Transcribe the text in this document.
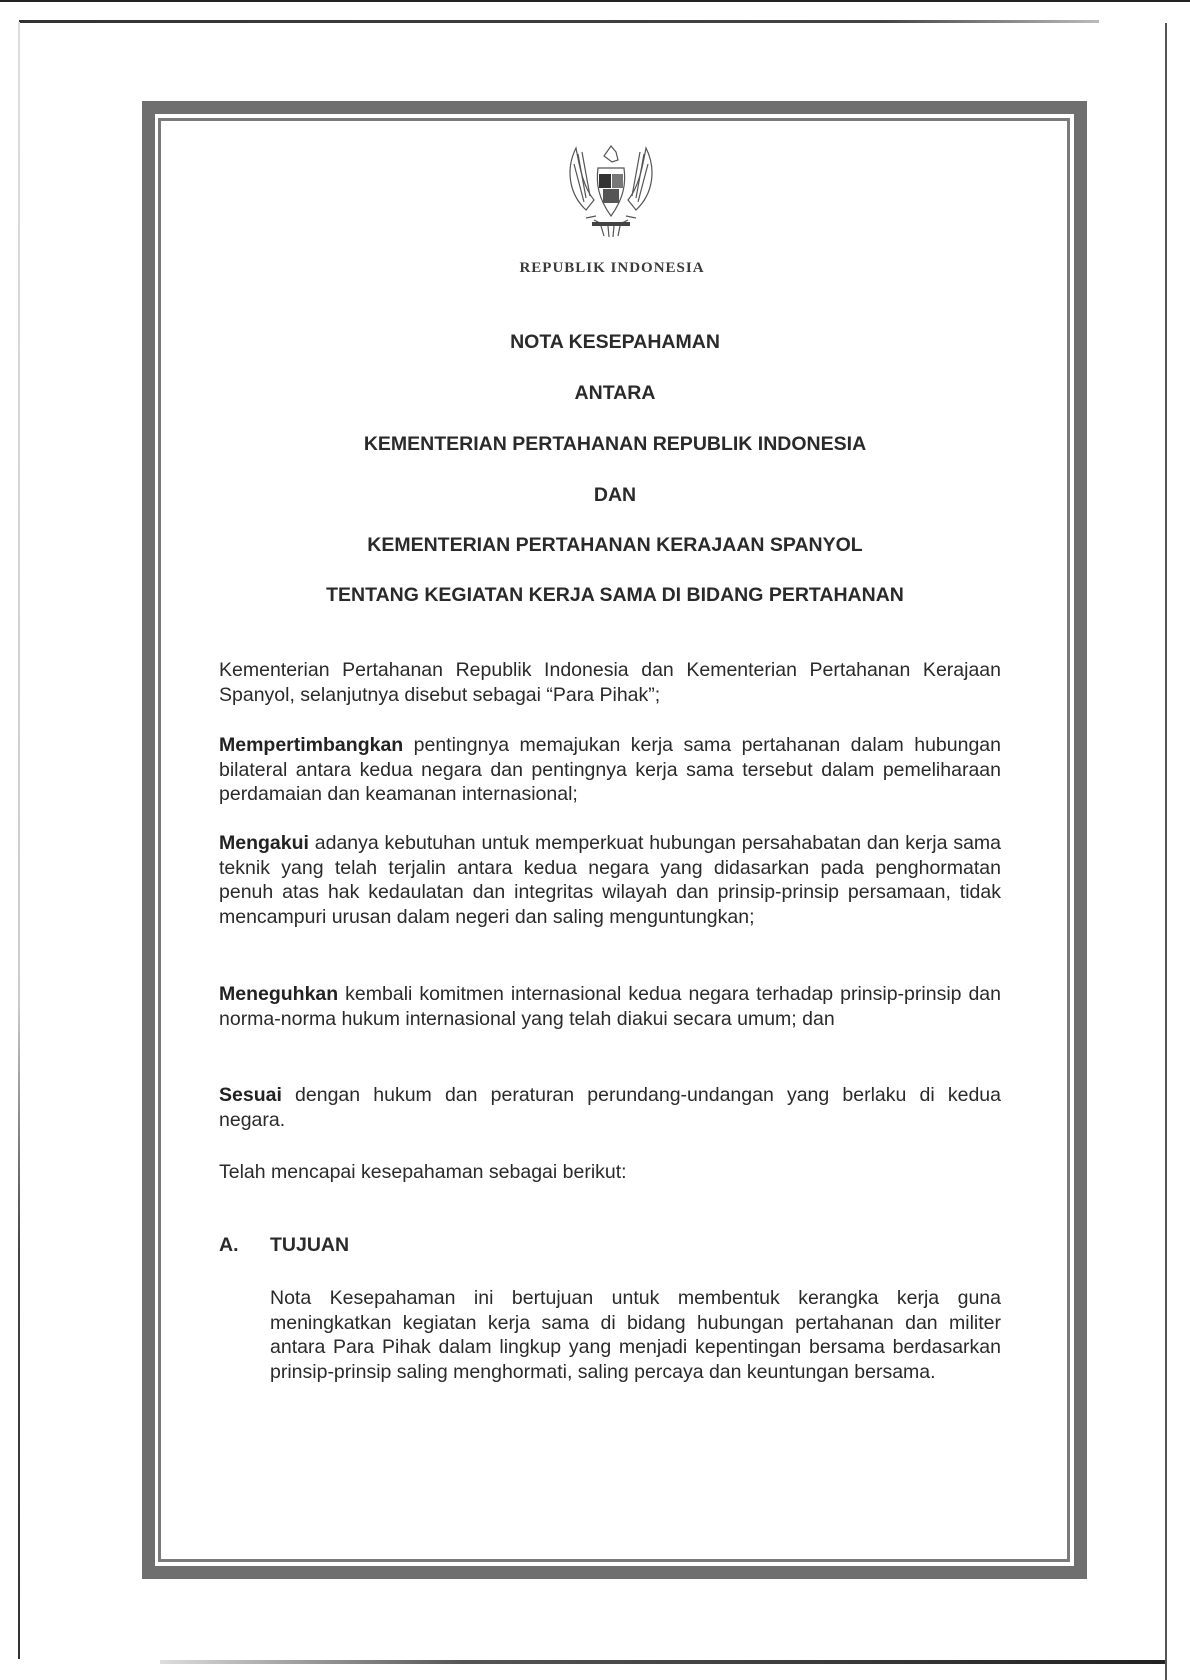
REPUBLIK INDONESIA
NOTA KESEPAHAMAN
ANTARA
KEMENTERIAN PERTAHANAN REPUBLIK INDONESIA
DAN
KEMENTERIAN PERTAHANAN KERAJAAN SPANYOL
TENTANG KEGIATAN KERJA SAMA DI BIDANG PERTAHANAN
Kementerian Pertahanan Republik Indonesia dan Kementerian Pertahanan Kerajaan Spanyol, selanjutnya disebut sebagai “Para Pihak”;
Mempertimbangkan pentingnya memajukan kerja sama pertahanan dalam hubungan bilateral antara kedua negara dan pentingnya kerja sama tersebut dalam pemeliharaan perdamaian dan keamanan internasional;
Mengakui adanya kebutuhan untuk memperkuat hubungan persahabatan dan kerja sama teknik yang telah terjalin antara kedua negara yang didasarkan pada penghormatan penuh atas hak kedaulatan dan integritas wilayah dan prinsip-prinsip persamaan, tidak mencampuri urusan dalam negeri dan saling menguntungkan;
Meneguhkan kembali komitmen internasional kedua negara terhadap prinsip-prinsip dan norma-norma hukum internasional yang telah diakui secara umum; dan
Sesuai dengan hukum dan peraturan perundang-undangan yang berlaku di kedua negara.
Telah mencapai kesepahaman sebagai berikut:
A. TUJUAN
Nota Kesepahaman ini bertujuan untuk membentuk kerangka kerja guna meningkatkan kegiatan kerja sama di bidang hubungan pertahanan dan militer antara Para Pihak dalam lingkup yang menjadi kepentingan bersama berdasarkan prinsip-prinsip saling menghormati, saling percaya dan keuntungan bersama.
